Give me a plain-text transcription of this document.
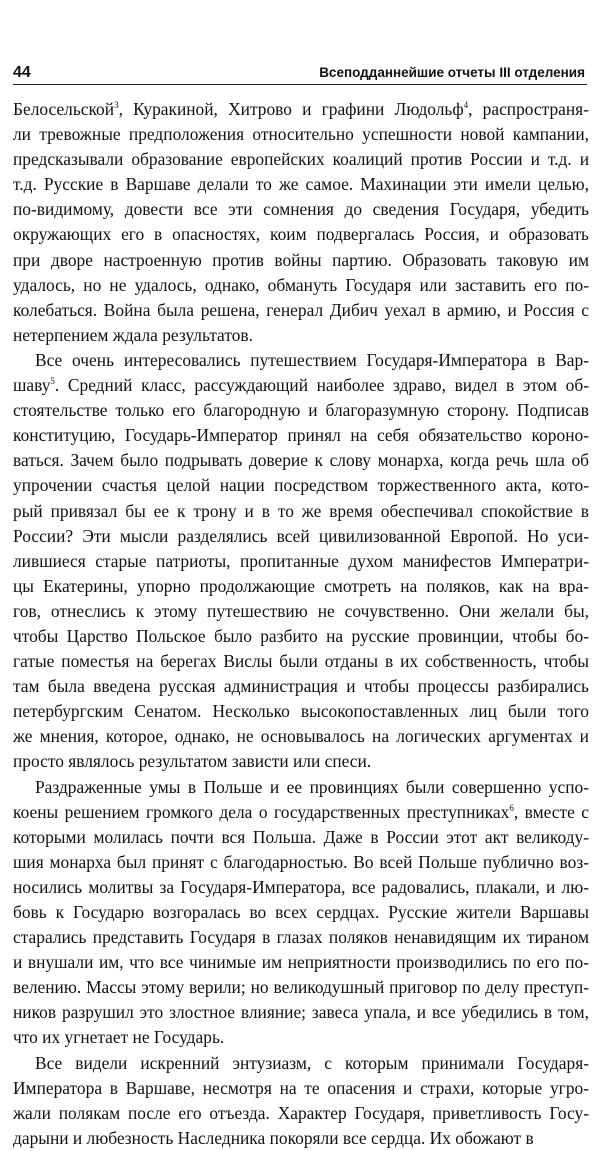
44	Всеподданнейшие отчеты III отделения
Белосельской$^3$, Куракиной, Хитрово и графини Людольф$^4$, распространя-
ли тревожные предположения относительно успешности новой кампании,
предсказывали образование европейских коалиций против России и т.д. и
т.д. Русские в Варшаве делали то же самое. Махинации эти имели целью,
по-видимому, довести все эти сомнения до сведения Государя, убедить
окружающих его в опасностях, коим подвергалась Россия, и образовать
при дворе настроенную против войны партию. Образовать таковую им
удалось, но не удалось, однако, обмануть Государя или заставить его по-
колебаться. Война была решена, генерал Дибич уехал в армию, и Россия с
нетерпением ждала результатов.
Все очень интересовались путешествием Государя-Императора в Вар-
шаву$^5$. Средний класс, рассуждающий наиболее здраво, видел в этом об-
стоятельстве только его благородную и благоразумную сторону. Подписав
конституцию, Государь-Император принял на себя обязательство короно-
ваться. Зачем было подрывать доверие к слову монарха, когда речь шла об
упрочении счастья целой нации посредством торжественного акта, кото-
рый привязал бы ее к трону и в то же время обеспечивал спокойствие в
России? Эти мысли разделялись всей цивилизованной Европой. Но уси-
лившиеся старые патриоты, пропитанные духом манифестов Императри-
цы Екатерины, упорно продолжающие смотреть на поляков, как на вра-
гов, отнеслись к этому путешествию не сочувственно. Они желали бы,
чтобы Царство Польское было разбито на русские провинции, чтобы бо-
гатые поместья на берегах Вислы были отданы в их собственность, чтобы
там была введена русская администрация и чтобы процессы разбирались
петербургским Сенатом. Несколько высокопоставленных лиц были того
же мнения, которое, однако, не основывалось на логических аргументах и
просто являлось результатом зависти или спеси.
Раздраженные умы в Польше и ее провинциях были совершенно успо-
коены решением громкого дела о государственных преступниках$^6$, вместе с
которыми молилась почти вся Польша. Даже в России этот акт великоду-
шия монарха был принят с благодарностью. Во всей Польше публично воз-
носились молитвы за Государя-Императора, все радовались, плакали, и лю-
бовь к Государю возгоралась во всех сердцах. Русские жители Варшавы
старались представить Государя в глазах поляков ненавидящим их тираном
и внушали им, что все чинимые им неприятности производились по его по-
велению. Массы этому верили; но великодушный приговор по делу преступ-
ников разрушил это злостное влияние; завеса упала, и все убедились в том,
что их угнетает не Государь.
Все видели искренний энтузиазм, с которым принимали Государя-
Императора в Варшаве, несмотря на те опасения и страхи, которые угро-
жали полякам после его отъезда. Характер Государя, приветливость Госу-
дарыни и любезность Наследника покоряли все сердца. Их обожают в
